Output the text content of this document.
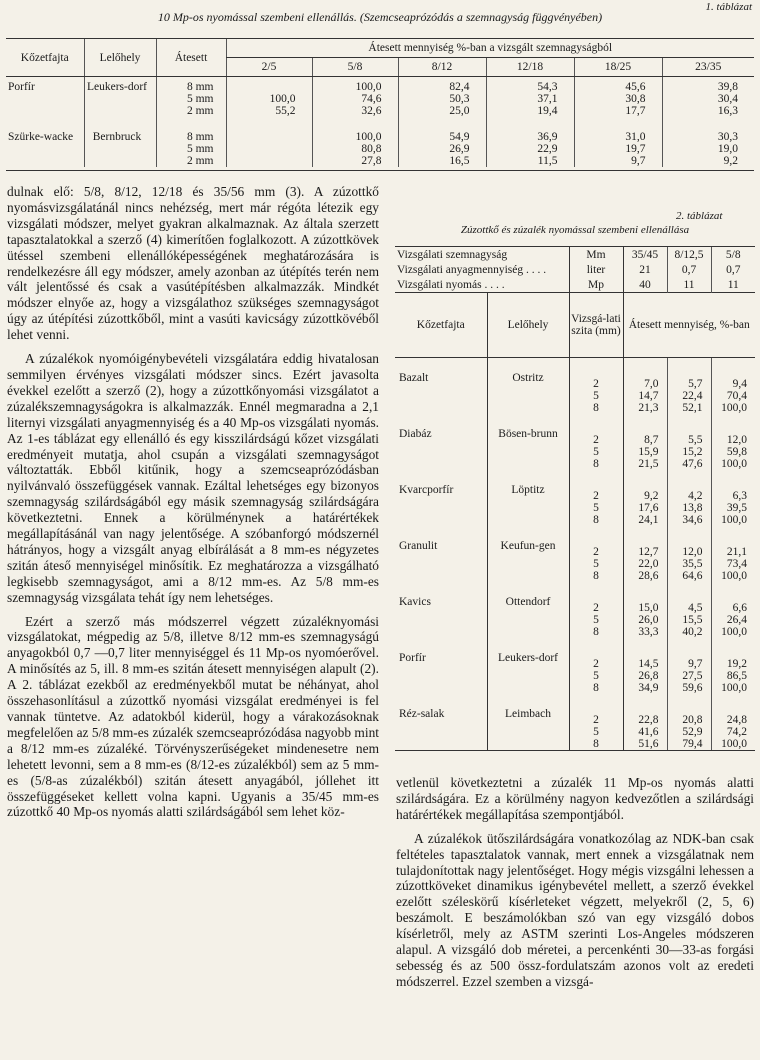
1. táblázat
10 Mp-os nyomással szembeni ellenállás. (Szemcseaprózódás a szemnagyság függvényében)
Kőzetfajta	Lelőhely	Átesett	Átesett mennyiség %-ban a vizsgált szemnagyságból					
			2/5	5/8	8/12	12/18	18/25	23/35
Porfír	Leukers-dorf	8 mm		100,0	82,4	54,3	45,6	39,8
		5 mm	100,0	74,6	50,3	37,1	30,8	30,4
		2 mm	55,2	32,6	25,0	19,4	17,7	16,3
Szürke-wacke	Bernbruck	8 mm		100,0	54,9	36,9	31,0	30,3
		5 mm		80,8	26,9	22,9	19,7	19,0
		2 mm		27,8	16,5	11,5	9,7	9,2

dulnak elő: 5/8, 8/12, 12/18 és 35/56 mm (3). A zúzottkő nyomásvizsgálatánál nincs nehézség, mert már régóta létezik egy vizsgálati módszer, melyet gyakran alkalmaznak. Az általa szerzett tapasztalatokkal a szerző (4) kimerítően foglalkozott. A zúzottkövek ütéssel szembeni ellenállóképességének meghatározására is rendelkezésre áll egy módszer, amely azonban az útépítés terén nem vált jelentőssé és csak a vasútépítésben alkalmazzák. Mindkét módszer elnyőe az, hogy a vizsgálathoz szükséges szemnagyságot úgy az útépítési zúzottkőből, mint a vasúti kavicságy zúzottkövéből lehet venni.

A zúzalékok nyomóigénybevételi vizsgálatára eddig hivatalosan semmilyen érvényes vizsgálati módszer sincs. Ezért javasolta évekkel ezelőtt a szerző (2), hogy a zúzottkőnyomási vizsgálatot a zúzalékszemnagyságokra is alkalmazzák. Ennél megmaradna a 2,1 liternyi vizsgálati anyagmennyiség és a 40 Mp-os vizsgálati nyomás. Az 1-es táblázat egy ellenálló és egy kisszilárdságú kőzet vizsgálati eredményeit mutatja, ahol csupán a vizsgálati szemnagyságot változtatták. Ebből kitűnik, hogy a szemcseaprózódásban nyilvánvaló összefüggések vannak. Ezáltal lehetséges egy bizonyos szemnagyság szilárdságából egy másik szemnagyság szilárdságára következtetni. Ennek a körülménynek a határértékek megállapításánál van nagy jelentősége. A szóbanforgó módszernél hátrányos, hogy a vizsgált anyag elbírálását a 8 mm-es négyzetes szitán áteső mennyiségel minősítik. Ez meghatározza a vizsgálható legkisebb szemnagyságot, ami a 8/12 mm-es. Az 5/8 mm-es szemnagyság vizsgálata tehát így nem lehetséges.

Ezért a szerző más módszerrel végzett zúzaléknyomási vizsgálatokat, mégpedig az 5/8, illetve 8/12 mm-es szemnagyságú anyagokból 0,7 —0,7 liter mennyiséggel és 11 Mp-os nyomóerővel. A minősítés az 5, ill. 8 mm-es szitán átesett mennyiségen alapult (2). A 2. táblázat ezekből az eredményekből mutat be néhányat, ahol összehasonlításul a zúzottkő nyomási vizsgálat eredményei is fel vannak tüntetve. Az adatokból kiderül, hogy a várakozásoknak megfelelően az 5/8 mm-es zúzalék szemcseaprózódása nagyobb mint a 8/12 mm-es zúzaléké. Törvényszerűségeket mindenesetre nem lehetett levonni, sem a 8 mm-es (8/12-es zúzalékból) sem az 5 mm-es (5/8-as zúzalékból) szitán átesett anyagából, jóllehet itt összefüggéseket kellett volna kapni. Ugyanis a 35/45 mm-es zúzottkő 40 Mp-os nyomás alatti szilárdságából sem lehet köz-

2. táblázat
Zúzottkő és zúzalék nyomással szembeni ellenállása
Vizsgálati szemnagyság		Mm	35/45	8/12,5	5/8
Vizsgálati anyagmennyiség . . . .		liter	21	0,7	0,7
Vizsgálati nyomás . . . .		Mp	40	11	11
Kőzetfajta	Lelőhely	Vizsgá-lati szita (mm)	Átesett mennyiség, %-ban		
Bazalt	Ostritz	2	7,0	5,7	9,4
		5	14,7	22,4	70,4
		8	21,3	52,1	100,0
Diabáz	Bösen-brunn	2	8,7	5,5	12,0
		5	15,9	15,2	59,8
		8	21,5	47,6	100,0
Kvarcporfír	Löptitz	2	9,2	4,2	6,3
		5	17,6	13,8	39,5
		8	24,1	34,6	100,0
Granulit	Keufun-gen	2	12,7	12,0	21,1
		5	22,0	35,5	73,4
		8	28,6	64,6	100,0
Kavics	Ottendorf	2	15,0	4,5	6,6
		5	26,0	15,5	26,4
		8	33,3	40,2	100,0
Porfír	Leukers-dorf	2	14,5	9,7	19,2
		5	26,8	27,5	86,5
		8	34,9	59,6	100,0
Réz-salak	Leimbach	2	22,8	20,8	24,8
		5	41,6	52,9	74,2
		8	51,6	79,4	100,0

vetlenül következtetni a zúzalék 11 Mp-os nyomás alatti szilárdságára. Ez a körülmény nagyon kedvezőtlen a szilárdsági határértékek megállapítása szempontjából.

A zúzalékok ütőszilárdságára vonatkozólag az NDK-ban csak feltételes tapasztalatok vannak, mert ennek a vizsgálatnak nem tulajdonítottak nagy jelentőséget. Hogy mégis vizsgálni lehessen a zúzottköveket dinamikus igénybevétel mellett, a szerző évekkel ezelőtt széleskörű kísérleteket végzett, melyekről (2, 5, 6) beszámolt. E beszámolókban szó van egy vizsgáló dobos kísérletről, mely az ASTM szerinti Los-Angeles módszeren alapul. A vizsgáló dob méretei, a percenkénti 30—33-as forgási sebesség és az 500 össz-fordulatszám azonos volt az eredeti módszerrel. Ezzel szemben a vizsgá-
